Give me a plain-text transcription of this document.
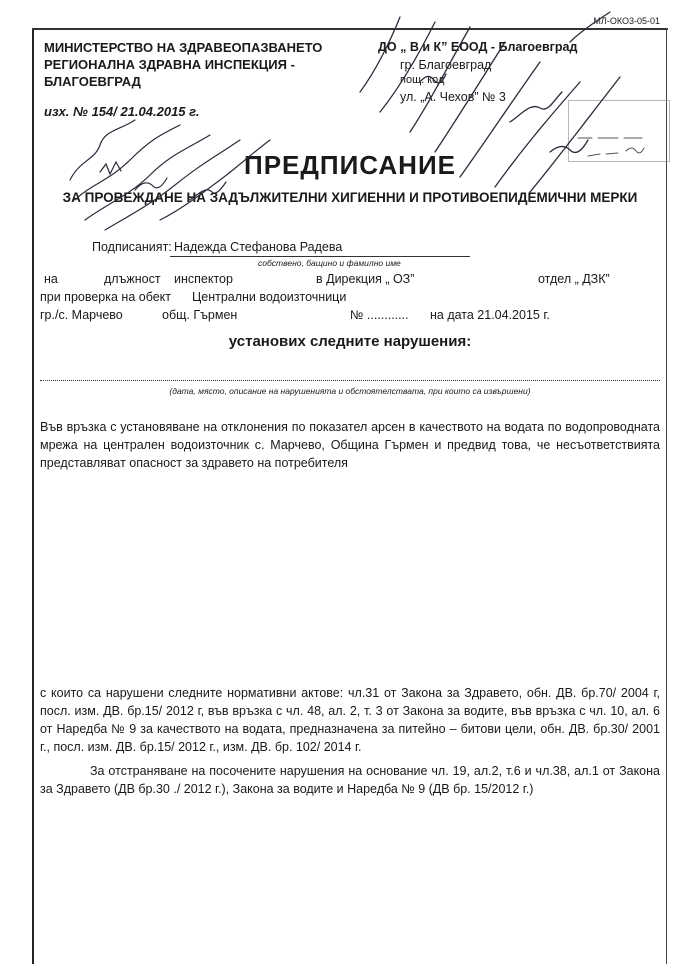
МЛ-ОКО3-05-01
МИНИСТЕРСТВО НА ЗДРАВЕОПАЗВАНЕТО
РЕГИОНАЛНА ЗДРАВНА ИНСПЕКЦИЯ -
БЛАГОЕВГРАД
изх. № 154/ 21.04.2015 г.
ДО „ В и К” ЕООД - Благоевград
гр. Благоевград
пощ. код
ул. „А. Чехов” № 3
ПРЕДПИСАНИЕ
ЗА ПРОВЕЖДАНЕ НА ЗАДЪЛЖИТЕЛНИ ХИГИЕННИ И ПРОТИВОЕПИДЕМИЧНИ МЕРКИ
Подписаният: Надежда Стефанова Радева
собствено, бащино и фамилно име
на	длъжност инспектор	в Дирекция „ ОЗ”	отдел „ ДЗК”
при проверка на обект Централни водоизточници
гр./с. Марчево	общ. Гърмен	№ ............ на дата 21.04.2015 г.
установих следните нарушения:
(дата, място, описание на нарушенията и обстоятелствата, при които са извършени)
Във връзка с установяване на отклонения по показател арсен в качеството на водата по водопроводната мрежа на централен водоизточник с. Марчево, Община Гърмен и предвид това, че несъответствията представляват опасност за здравето на потребителя
с които са нарушени следните нормативни актове: чл.31 от Закона за Здравето, обн. ДВ. бр.70/ 2004 г, посл. изм. ДВ. бр.15/ 2012 г, във връзка с чл. 48, ал. 2, т. 3 от Закона за водите, във връзка с чл. 10, ал. 6 от Наредба № 9 за качеството на водата, предназначена за питейно – битови цели, обн. ДВ. бр.30/ 2001 г., посл. изм. ДВ. бр.15/ 2012 г., изм. ДВ. бр. 102/ 2014 г.
За отстраняване на посочените нарушения на основание чл. 19, ал.2, т.6 и чл.38, ал.1 от Закона за Здравето (ДВ бр.30 ./ 2012 г.), Закона за водите и Наредба № 9 (ДВ бр. 15/2012 г.)
